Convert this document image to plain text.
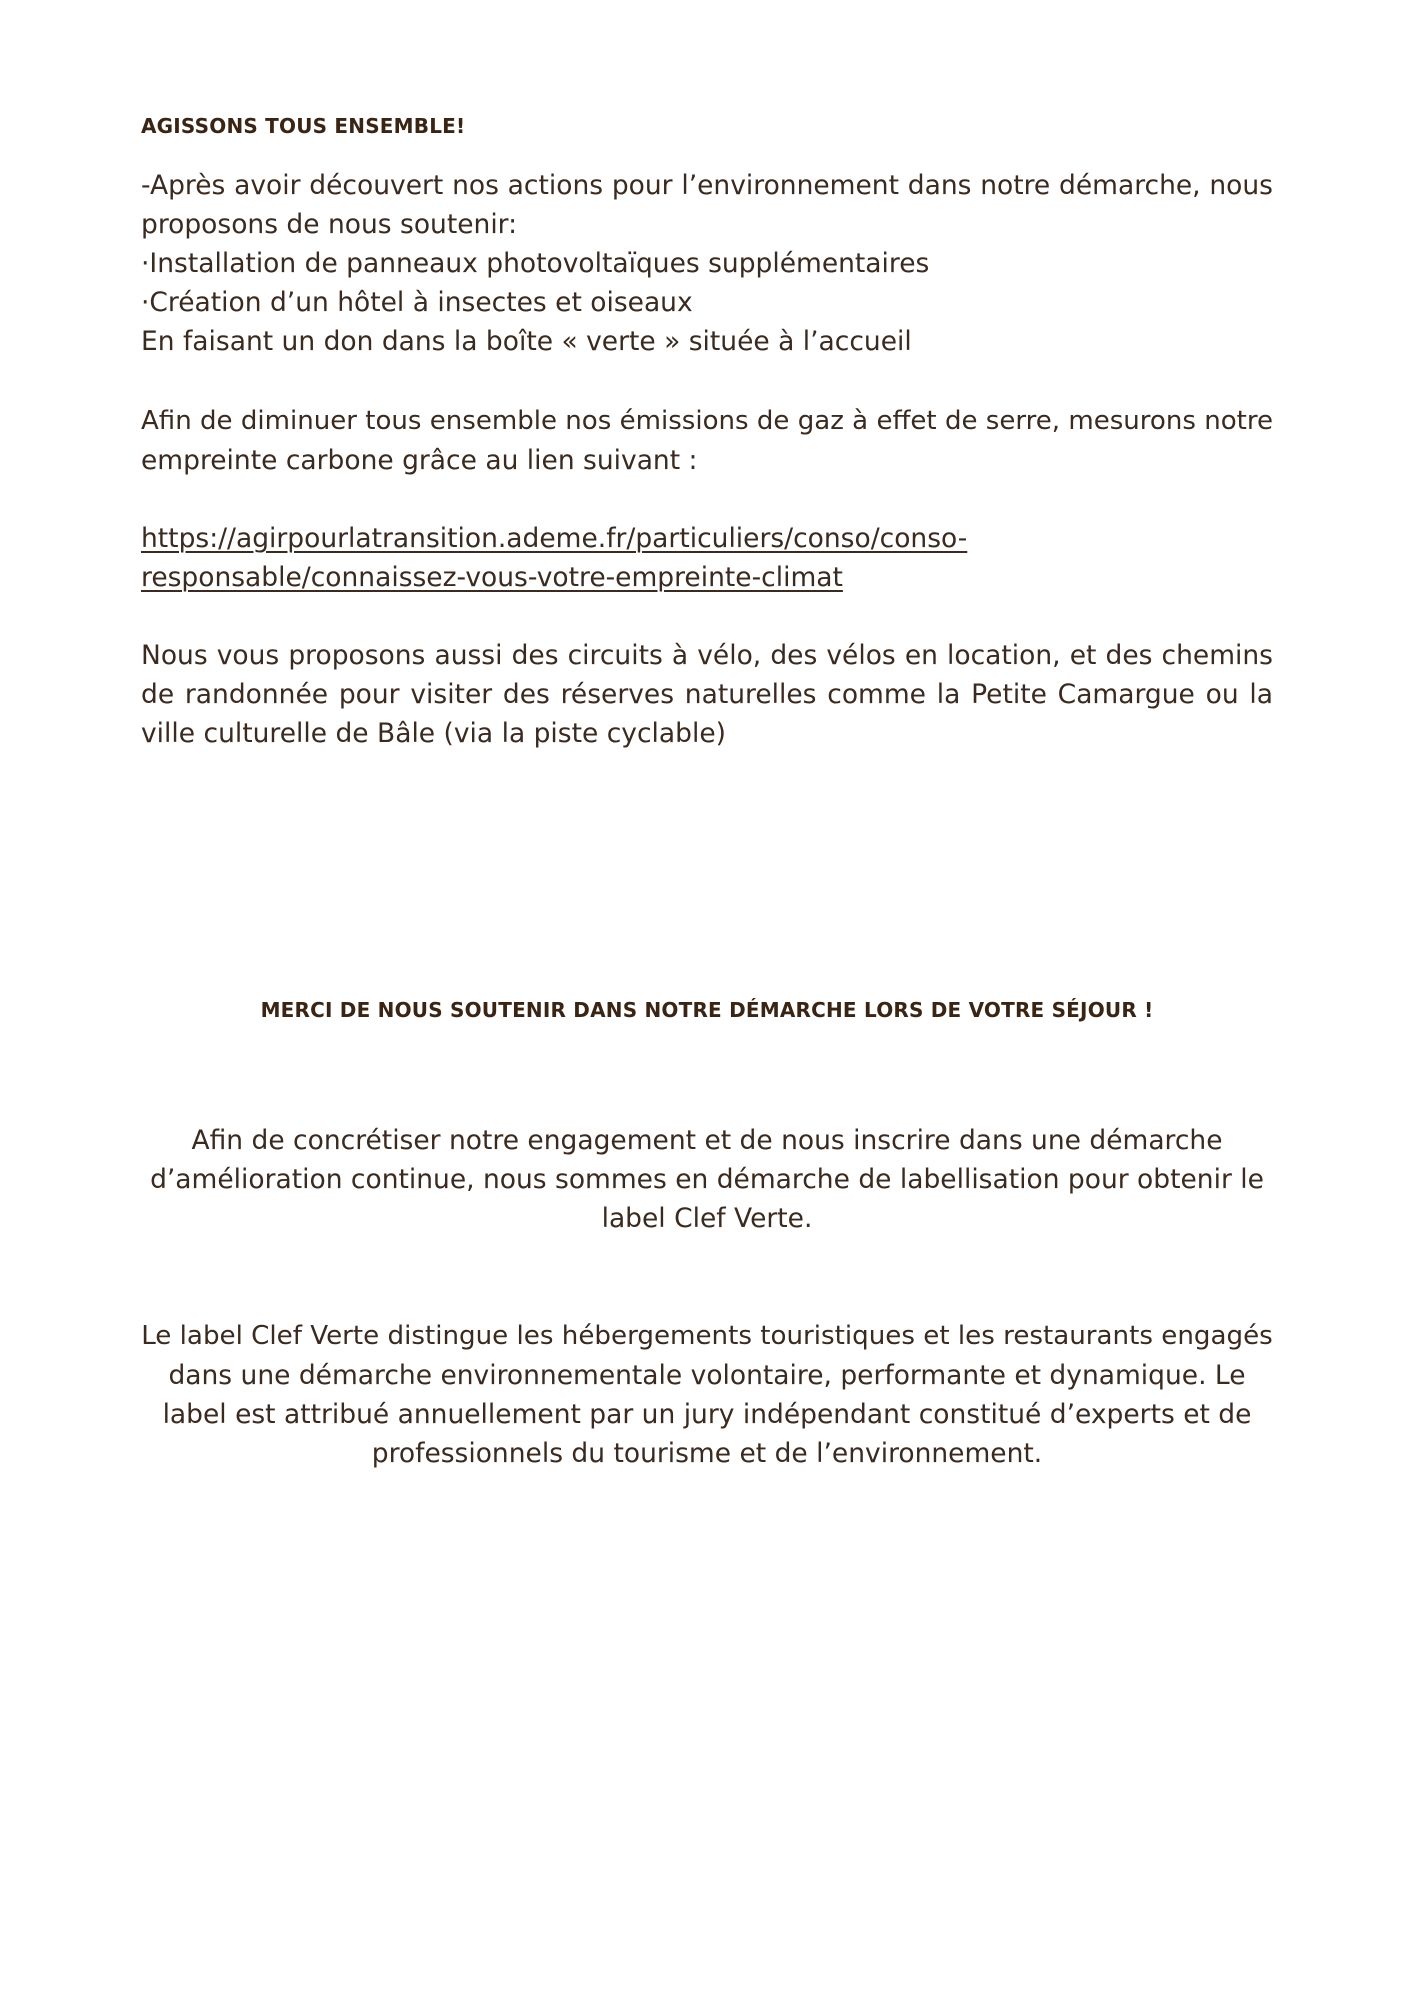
AGISSONS TOUS ENSEMBLE!
-Après avoir découvert nos actions pour l’environnement dans notre démarche, nous
proposons de nous soutenir:
·Installation de panneaux photovoltaïques supplémentaires
·Création d’un hôtel à insectes et oiseaux
En faisant un don dans la boîte « verte » située à l’accueil
Afin de diminuer tous ensemble nos émissions de gaz à effet de serre, mesurons notre
empreinte carbone grâce au lien suivant :
https://agirpourlatransition.ademe.fr/particuliers/conso/conso-
responsable/connaissez-vous-votre-empreinte-climat
Nous vous proposons aussi des circuits à vélo, des vélos en location, et des chemins
de randonnée pour visiter des réserves naturelles comme la Petite Camargue ou la
ville culturelle de Bâle (via la piste cyclable)
MERCI DE NOUS SOUTENIR DANS NOTRE DÉMARCHE LORS DE VOTRE SÉJOUR !
Afin de concrétiser notre engagement et de nous inscrire dans une démarche
d’amélioration continue, nous sommes en démarche de labellisation pour obtenir le
label Clef Verte.
Le label Clef Verte distingue les hébergements touristiques et les restaurants engagés
dans une démarche environnementale volontaire, performante et dynamique. Le
label est attribué annuellement par un jury indépendant constitué d’experts et de
professionnels du tourisme et de l’environnement.
